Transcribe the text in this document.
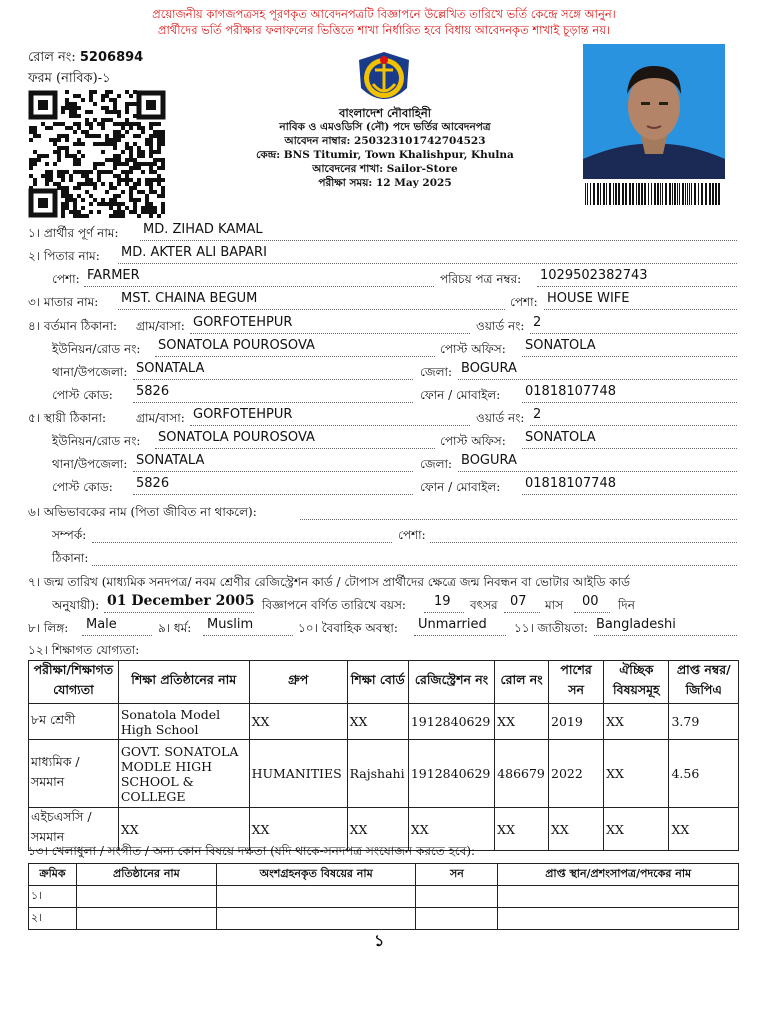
প্রয়োজনীয় কাগজপত্রসহ পূরণকৃত আবেদনপত্রটি বিজ্ঞাপনে উল্লেখিত তারিখে ভর্তি কেন্দ্রে সঙ্গে আনুন।
প্রার্থীদের ভর্তি পরীক্ষার ফলাফলের ভিত্তিতে শাখা নির্ধারিত হবে বিধায় আবেদনকৃত শাখাই চূড়ান্ত নয়।
রোল নং: 5206894
ফরম (নাবিক)-১
বাংলাদেশ নৌবাহিনী
নাবিক ও এমওডিসি (নৌ) পদে ভর্তির আবেদনপত্র
আবেদন নাম্বার: 250323101742704523
কেন্দ্র: BNS Titumir, Town Khalishpur, Khulna
আবেদনের শাখা: Sailor-Store
পরীক্ষা সময়: 12 May 2025
১। প্রার্থীর পূর্ণ নাম: MD. ZIHAD KAMAL
২। পিতার নাম: MD. AKTER ALI BAPARI
পেশা: FARMER	পরিচয় পত্র নম্বর: 1029502382743
৩। মাতার নাম: MST. CHAINA BEGUM	পেশা: HOUSE WIFE
৪। বর্তমান ঠিকানা: গ্রাম/বাসা: GORFOTEHPUR	ওয়ার্ড নং: 2
ইউনিয়ন/রোড নং: SONATOLA POUROSOVA	পোস্ট অফিস: SONATOLA
থানা/উপজেলা: SONATALA	জেলা: BOGURA
পোস্ট কোড: 5826	ফোন / মোবাইল: 01818107748
৫। স্থায়ী ঠিকানা: গ্রাম/বাসা: GORFOTEHPUR	ওয়ার্ড নং: 2
ইউনিয়ন/রোড নং: SONATOLA POUROSOVA	পোস্ট অফিস: SONATOLA
থানা/উপজেলা: SONATALA	জেলা: BOGURA
পোস্ট কোড: 5826	ফোন / মোবাইল: 01818107748
৬। অভিভাবকের নাম (পিতা জীবিত না থাকলে):
সম্পর্ক:	পেশা:
ঠিকানা:
৭। জন্ম তারিখ (মাধ্যমিক সনদপত্র/ নবম শ্রেণীর রেজিস্ট্রেশন কার্ড / টোপাস প্রার্থীদের ক্ষেত্রে জন্ম নিবন্ধন বা ভোটার আইডি কার্ড
অনুযায়ী): 01 December 2005 বিজ্ঞাপনে বর্ণিত তারিখে বয়স: 19 বৎসর 07 মাস 00 দিন
৮। লিঙ্গ: Male	৯। ধর্ম: Muslim	১০। বৈবাহিক অবস্থা: Unmarried ১১। জাতীয়তা: Bangladeshi
১২। শিক্ষাগত যোগ্যতা:
পরীক্ষা/শিক্ষাগত যোগ্যতা	শিক্ষা প্রতিষ্ঠানের নাম	গ্রুপ	শিক্ষা বোর্ড	রেজিস্ট্রেশন নং	রোল নং	পাশের সন	ঐচ্ছিক বিষয়সমূহ	প্রাপ্ত নম্বর/জিপিএ
৮ম শ্রেণী	Sonatola Model High School	XX	XX	1912840629	XX	2019	XX	3.79
মাধ্যমিক / সমমান	GOVT. SONATOLA MODLE HIGH SCHOOL & COLLEGE	HUMANITIES	Rajshahi	1912840629	486679	2022	XX	4.56
এইচএসসি / সমমান	XX	XX	XX	XX	XX	XX	XX	XX
১৩। খেলাধুলা / সংগীত / অন্য কোন বিষয়ে দক্ষতা (যদি থাকে-সনদপত্র সংযোজন করতে হবে):
ক্রমিক	প্রতিষ্ঠানের নাম	অংশগ্রহনকৃত বিষয়ের নাম	সন	প্রাপ্ত স্থান/প্রশংসাপত্র/পদকের নাম
১।				
২।				
১
